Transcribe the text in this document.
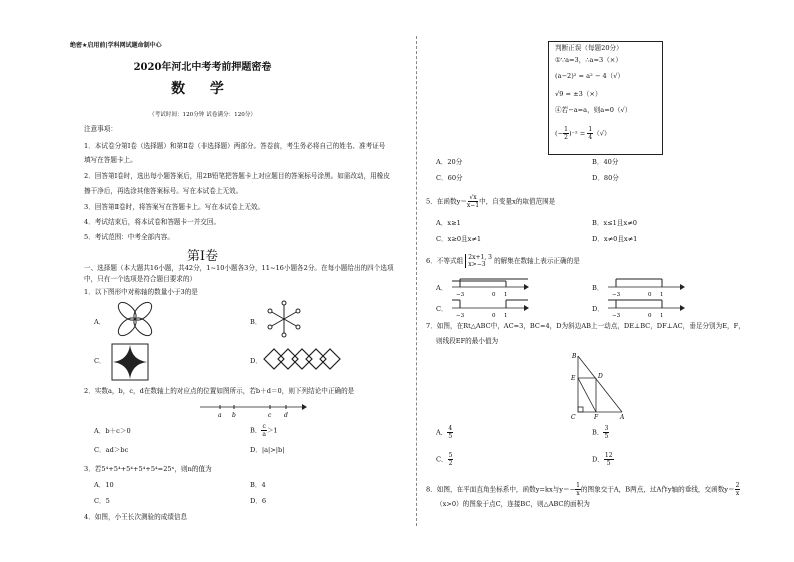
绝密★启用前|学科网试题命制中心
2020年河北中考考前押题密卷
数 学
（考试时间：120分钟 试卷满分：120分）
注意事项：
1．本试卷分第Ⅰ卷（选择题）和第Ⅱ卷（非选择题）两部分。答卷前，考生务必将自己的姓名、准考证号
填写在答题卡上。
2．回答第Ⅰ卷时，选出每小题答案后，用2B铅笔把答题卡上对应题目的答案标号涂黑。如需改动，用橡皮
擦干净后，再选涂其他答案标号。写在本试卷上无效。
3．回答第Ⅱ卷时，将答案写在答题卡上。写在本试卷上无效。
4．考试结束后，将本试卷和答题卡一并交回。
5．考试范围：中考全部内容。
第Ⅰ卷
一、选择题（本大题共16小题，共42分，1~10小题各3分，11~16小题各2分。在每小题给出的四个选项
中，只有一个选项是符合题目要求的）
1．以下图形中对称轴的数量小于3的是
A．	B．
C．	D．
2．实数a，b，c，d在数轴上的对应点的位置如图所示，若b＋d＝0，则下列结论中正确的是
a b	c d
A．b＋c＞0	B． $\frac{c}{a} >1$
C．ad＞bc	D．|a|>|b|
3．若5⁴+5⁴+5⁴+5⁴+5⁴=25ⁿ，则n的值为
A．10	B．4
C．5	D．6
4．如图，小王长次测验的成绩信息
判断正误（每题20分）
①∵a=3，∴a=3（×）
(a−2)² = a² − 4（√）
√9 = ±3（×）
④若−a=a，则a=0（√）
(− $\frac{1}{2} )^{-2} = \frac{1}{4}$ （√）
A．20分	B．40分
C．60分	D．80分
5．在函数$y= \frac{√x}{x-1}$ 中，自变量x的取值范围是
A．x≥1	B．x≤1且x≠0
C．x≥0且x≠1	D．x≠0且x≠1
6．不等式组 2x+1, 3
x>−3	的解集在数轴上表示正确的是
A．
−3	0 1
B．
−3	0 1
C．
−3	0 1
D．
−3	0 1
7．如图，在Rt△ABC中，AC=3，BC=4，D为斜边AB上一动点，DE⊥BC，DF⊥AC，垂足分别为E，F，
则线段EF的最小值为
B
D
E
C	F	A
A． $\frac{4}{5}$	B． $\frac{3}{5}$
C． $\frac{5}{2}$	D． $\frac{12}{5}$
8．如图，在平面直角坐标系中，函数y=kx与$y=- \frac{1}{x}$ 的图象交于A，B两点，过A作y轴的垂线，交函数$y= \frac{2}{x}$
（x>0）的图象于点C，连接BC，则△ABC的面积为
